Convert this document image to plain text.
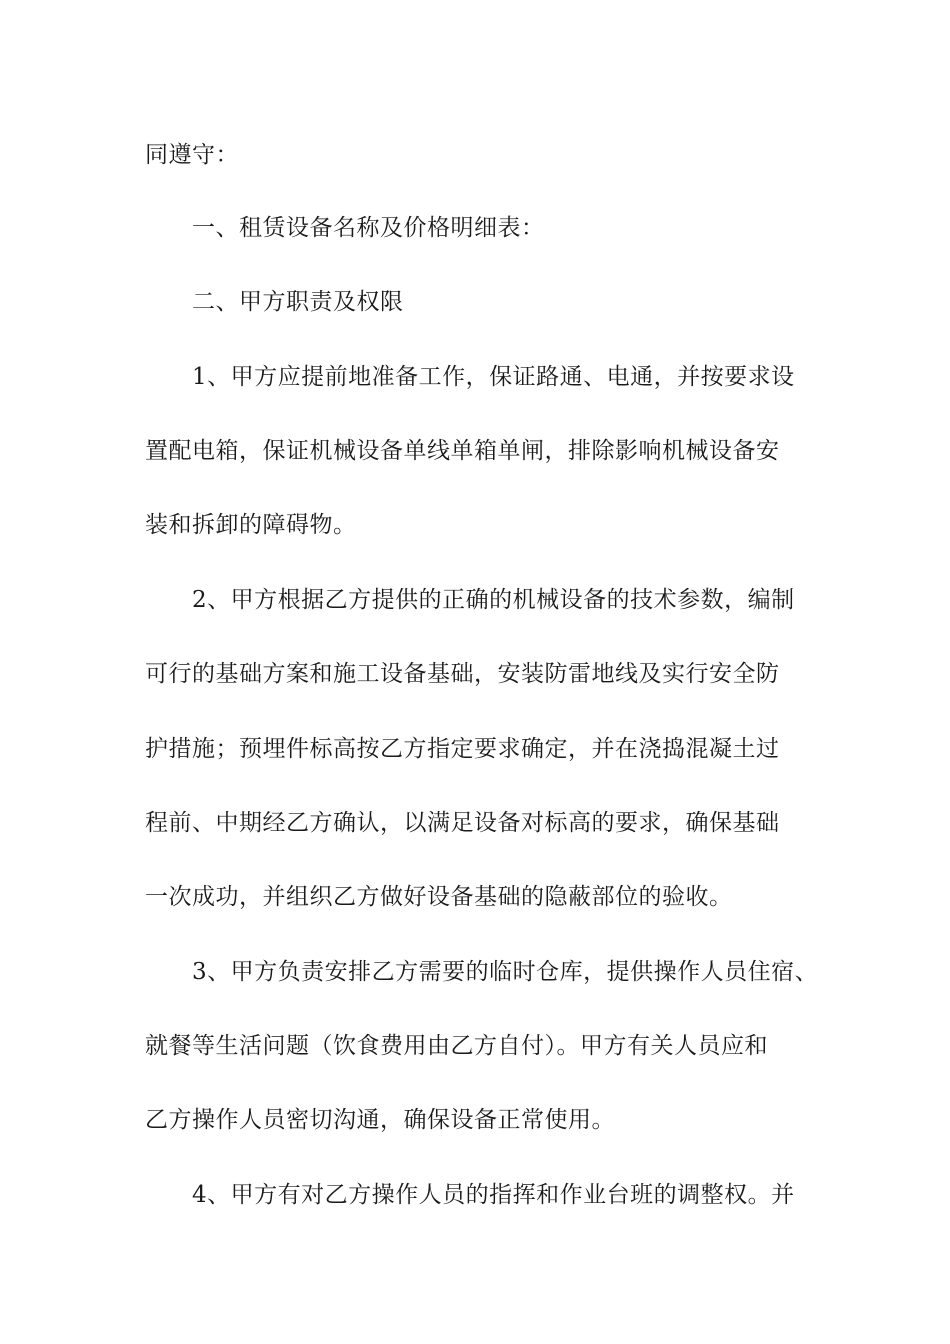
同遵守：
一、租赁设备名称及价格明细表：
二、甲方职责及权限
1、甲方应提前地准备工作，保证路通、电通，并按要求设
置配电箱，保证机械设备单线单箱单闸，排除影响机械设备安
装和拆卸的障碍物。
2、甲方根据乙方提供的正确的机械设备的技术参数，编制
可行的基础方案和施工设备基础，安装防雷地线及实行安全防
护措施；预埋件标高按乙方指定要求确定，并在浇捣混凝土过
程前、中期经乙方确认，以满足设备对标高的要求，确保基础
一次成功，并组织乙方做好设备基础的隐蔽部位的验收。
3、甲方负责安排乙方需要的临时仓库，提供操作人员住宿、
就餐等生活问题（饮食费用由乙方自付）。甲方有关人员应和
乙方操作人员密切沟通，确保设备正常使用。
4、甲方有对乙方操作人员的指挥和作业台班的调整权。并
